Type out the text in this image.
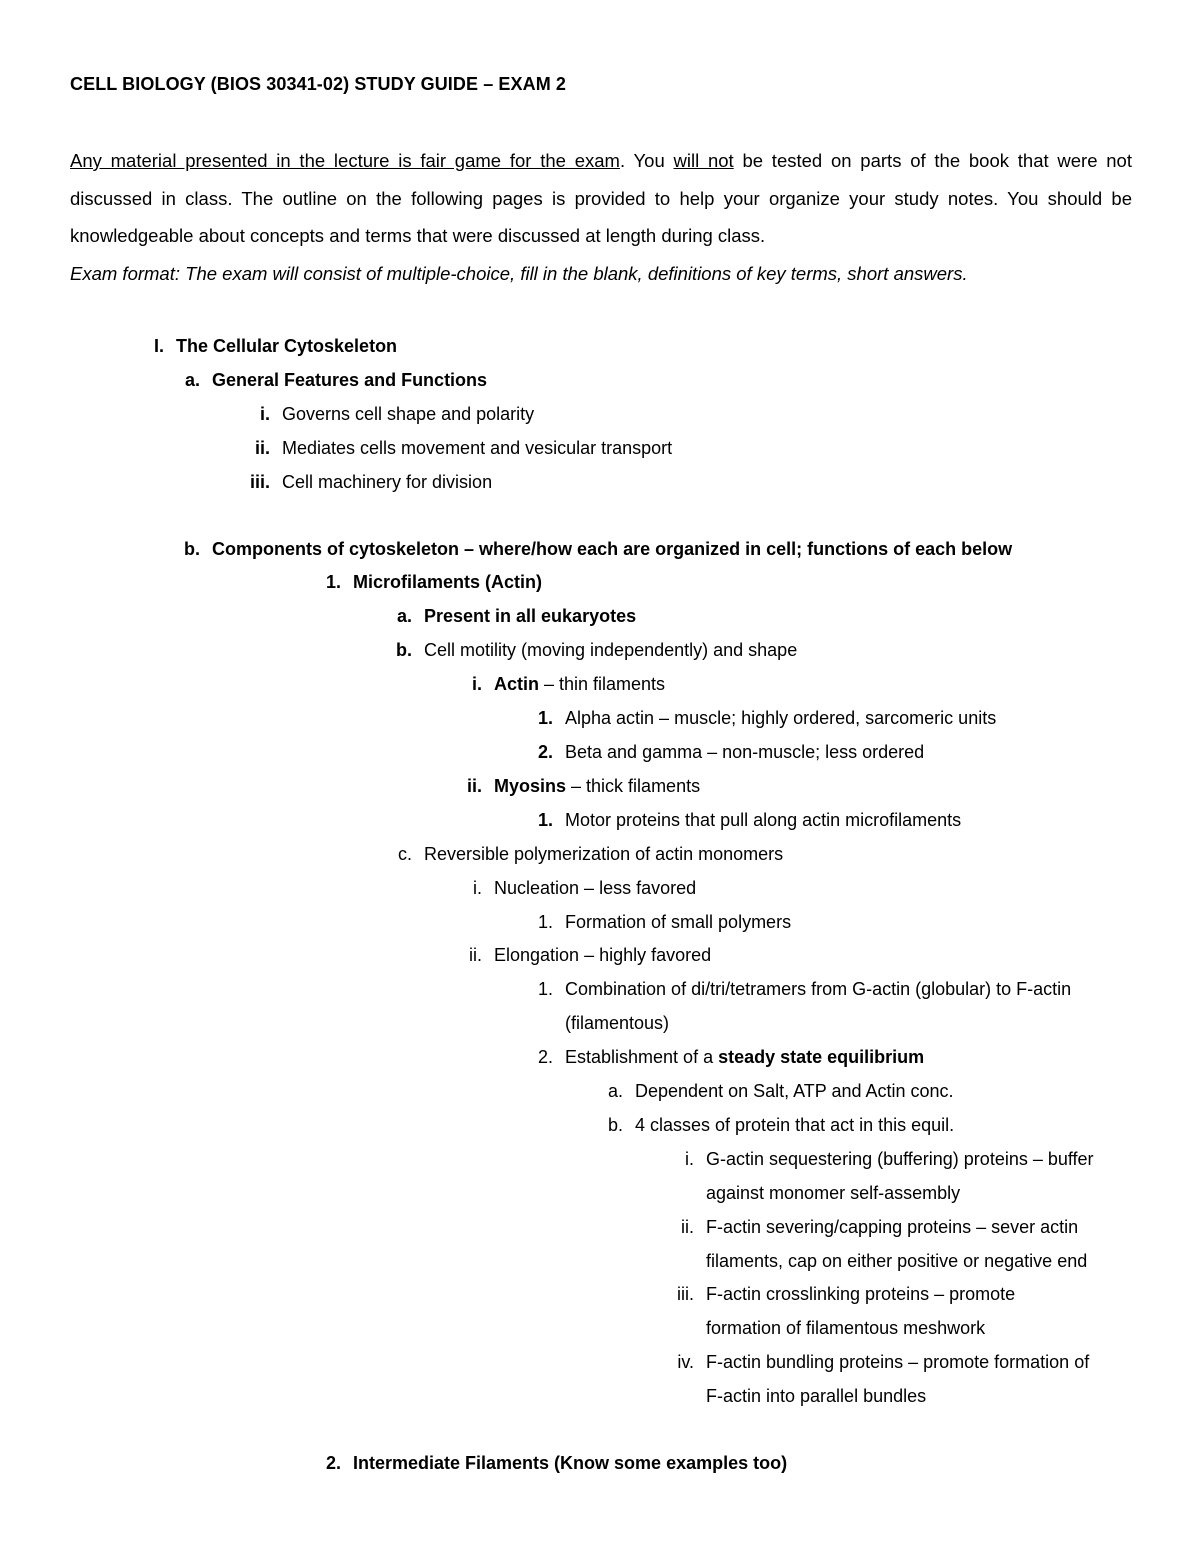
CELL BIOLOGY (BIOS 30341-02) STUDY GUIDE – EXAM 2
Any material presented in the lecture is fair game for the exam. You will not be tested on parts of the book that were not discussed in class. The outline on the following pages is provided to help your organize your study notes. You should be knowledgeable about concepts and terms that were discussed at length during class.
Exam format: The exam will consist of multiple-choice, fill in the blank, definitions of key terms, short answers.
I. The Cellular Cytoskeleton
a. General Features and Functions
i. Governs cell shape and polarity
ii. Mediates cells movement and vesicular transport
iii. Cell machinery for division
b. Components of cytoskeleton – where/how each are organized in cell; functions of each below
1. Microfilaments (Actin)
a. Present in all eukaryotes
b. Cell motility (moving independently) and shape
i. Actin – thin filaments
1. Alpha actin – muscle; highly ordered, sarcomeric units
2. Beta and gamma – non-muscle; less ordered
ii. Myosins – thick filaments
1. Motor proteins that pull along actin microfilaments
c. Reversible polymerization of actin monomers
i. Nucleation – less favored
1. Formation of small polymers
ii. Elongation – highly favored
1. Combination of di/tri/tetramers from G-actin (globular) to F-actin
(filamentous)
2. Establishment of a steady state equilibrium
a. Dependent on Salt, ATP and Actin conc.
b. 4 classes of protein that act in this equil.
i. G-actin sequestering (buffering) proteins – buffer
against monomer self-assembly
ii. F-actin severing/capping proteins – sever actin
filaments, cap on either positive or negative end
iii. F-actin crosslinking proteins – promote
formation of filamentous meshwork
iv. F-actin bundling proteins – promote formation of
F-actin into parallel bundles
2. Intermediate Filaments (Know some examples too)
